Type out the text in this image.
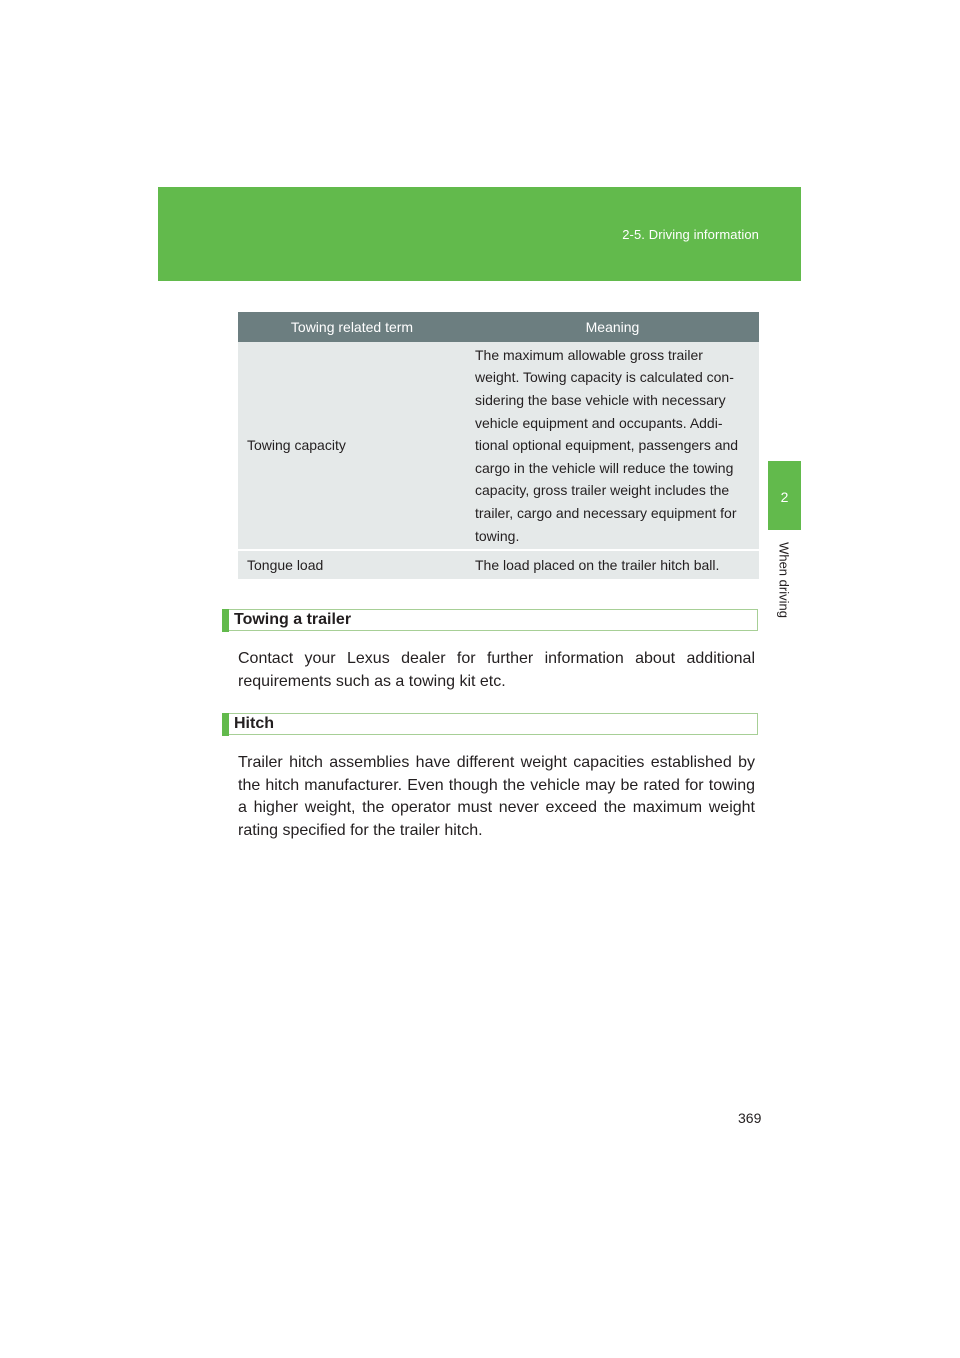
2-5. Driving information
2
When driving
Towing related term	Meaning
Towing capacity	The maximum allowable gross trailer weight. Towing capacity is calculated con-sidering the base vehicle with necessary vehicle equipment and occupants. Addi-tional optional equipment, passengers and cargo in the vehicle will reduce the towing capacity, gross trailer weight includes the trailer, cargo and necessary equipment for towing.
Tongue load	The load placed on the trailer hitch ball.
Towing a trailer

Contact your Lexus dealer for further information about additional requirements such as a towing kit etc.

Hitch

Trailer hitch assemblies have different weight capacities established by the hitch manufacturer. Even though the vehicle may be rated for towing a higher weight, the operator must never exceed the maximum weight rating specified for the trailer hitch.

369
